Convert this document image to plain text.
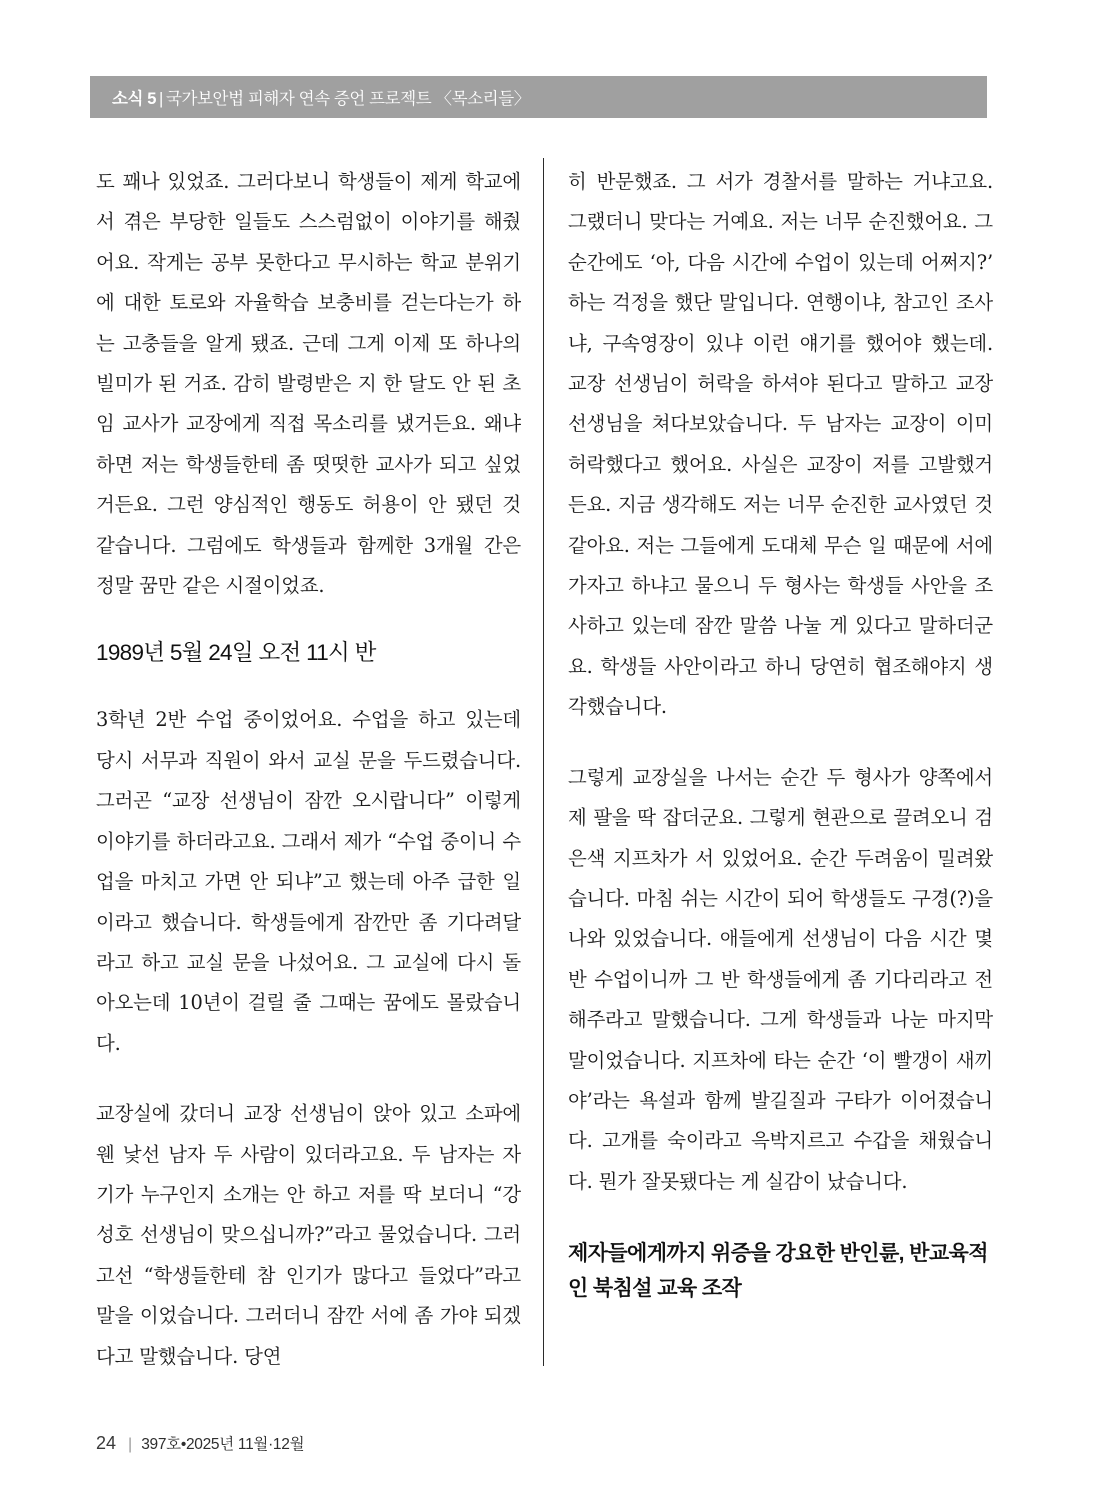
소식 5 | 국가보안법 피해자 연속 증언 프로젝트 〈목소리들〉

도 꽤나 있었죠. 그러다보니 학생들이 제게 학교에서 겪은 부당한 일들도 스스럼없이 이야기를 해줬어요. 작게는 공부 못한다고 무시하는 학교 분위기에 대한 토로와 자율학습 보충비를 걷는다는가 하는 고충들을 알게 됐죠. 근데 그게 이제 또 하나의 빌미가 된 거죠. 감히 발령받은 지 한 달도 안 된 초임 교사가 교장에게 직접 목소리를 냈거든요. 왜냐하면 저는 학생들한테 좀 떳떳한 교사가 되고 싶었거든요. 그런 양심적인 행동도 허용이 안 됐던 것 같습니다. 그럼에도 학생들과 함께한 3개월 간은 정말 꿈만 같은 시절이었죠.

1989년 5월 24일 오전 11시 반

3학년 2반 수업 중이었어요. 수업을 하고 있는데 당시 서무과 직원이 와서 교실 문을 두드렸습니다. 그러곤 “교장 선생님이 잠깐 오시랍니다” 이렇게 이야기를 하더라고요. 그래서 제가 “수업 중이니 수업을 마치고 가면 안 되냐”고 했는데 아주 급한 일이라고 했습니다. 학생들에게 잠깐만 좀 기다려달라고 하고 교실 문을 나섰어요. 그 교실에 다시 돌아오는데 10년이 걸릴 줄 그때는 꿈에도 몰랐습니다.

교장실에 갔더니 교장 선생님이 앉아 있고 소파에 웬 낯선 남자 두 사람이 있더라고요. 두 남자는 자기가 누구인지 소개는 안 하고 저를 딱 보더니 “강성호 선생님이 맞으십니까?”라고 물었습니다. 그러고선 “학생들한테 참 인기가 많다고 들었다”라고 말을 이었습니다. 그러더니 잠깐 서에 좀 가야 되겠다고 말했습니다. 당연

히 반문했죠. 그 서가 경찰서를 말하는 거냐고요. 그랬더니 맞다는 거예요. 저는 너무 순진했어요. 그 순간에도 ‘아, 다음 시간에 수업이 있는데 어쩌지?’ 하는 걱정을 했단 말입니다. 연행이냐, 참고인 조사냐, 구속영장이 있냐 이런 얘기를 했어야 했는데. 교장 선생님이 허락을 하셔야 된다고 말하고 교장 선생님을 쳐다보았습니다. 두 남자는 교장이 이미 허락했다고 했어요. 사실은 교장이 저를 고발했거든요. 지금 생각해도 저는 너무 순진한 교사였던 것 같아요. 저는 그들에게 도대체 무슨 일 때문에 서에 가자고 하냐고 물으니 두 형사는 학생들 사안을 조사하고 있는데 잠깐 말씀 나눌 게 있다고 말하더군요. 학생들 사안이라고 하니 당연히 협조해야지 생각했습니다.

그렇게 교장실을 나서는 순간 두 형사가 양쪽에서 제 팔을 딱 잡더군요. 그렇게 현관으로 끌려오니 검은색 지프차가 서 있었어요. 순간 두려움이 밀려왔습니다. 마침 쉬는 시간이 되어 학생들도 구경(?)을 나와 있었습니다. 애들에게 선생님이 다음 시간 몇 반 수업이니까 그 반 학생들에게 좀 기다리라고 전해주라고 말했습니다. 그게 학생들과 나눈 마지막 말이었습니다. 지프차에 타는 순간 ‘이 빨갱이 새끼야’라는 욕설과 함께 발길질과 구타가 이어졌습니다. 고개를 숙이라고 윽박지르고 수갑을 채웠습니다. 뭔가 잘못됐다는 게 실감이 났습니다.

제자들에게까지 위증을 강요한 반인륜, 반교육적인 북침설 교육 조작
24 | 397호•2025년 11월·12월
